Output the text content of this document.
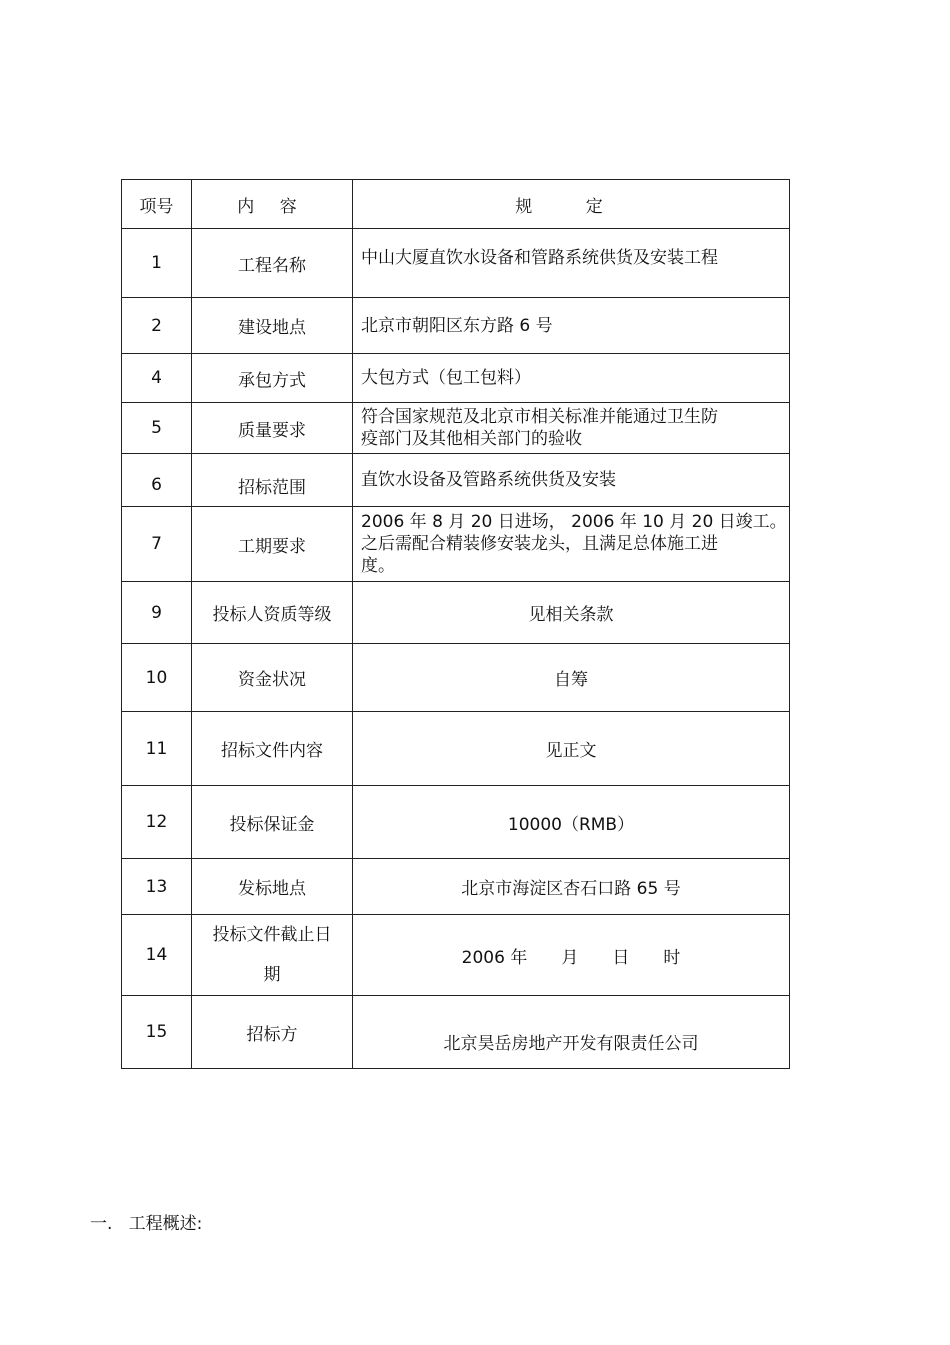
项号	内 容	规 定
1	工程名称	中山大厦直饮水设备和管路系统供货及安装工程
2	建设地点	北京市朝阳区东方路 6 号
4	承包方式	大包方式（包工包料）
5	质量要求	符合国家规范及北京市相关标准并能通过卫生防
疫部门及其他相关部门的验收

6	招标范围	直饮水设备及管路系统供货及安装
7	工期要求	2006 年 8 月 20 日进场， 2006 年 10 月 20 日竣工。
之后需配合精装修安装龙头，且满足总体施工进
度。

9	投标人资质等级	见相关条款
10	资金状况	自筹
11	招标文件内容	见正文
12	投标保证金	10000（RMB）
13	发标地点	北京市海淀区杏石口路 65 号
14	投标文件截止日
期	2006 年　　月　　日　　时
15	招标方	北京昊岳房地产开发有限责任公司
一. 工程概述:
